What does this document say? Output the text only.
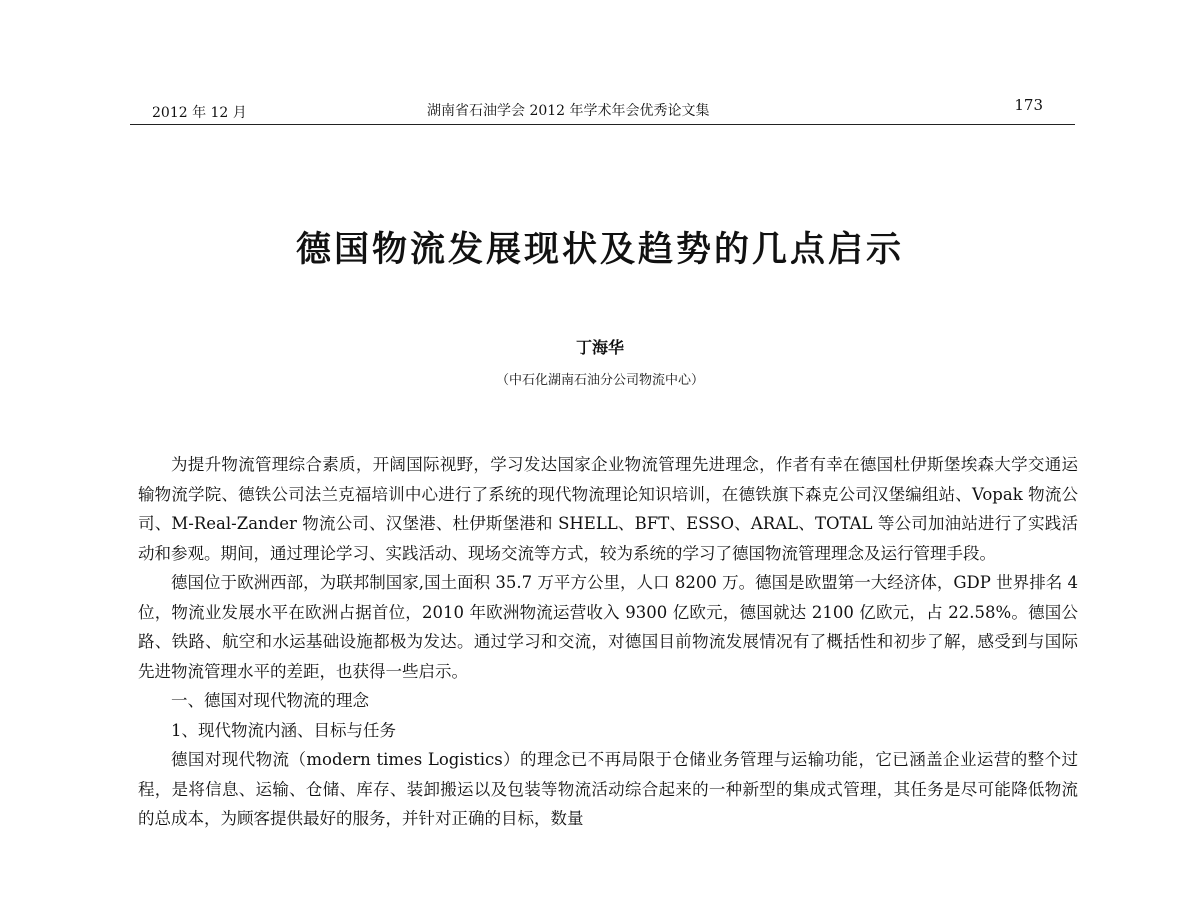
2012 年 12 月	湖南省石油学会 2012 年学术年会优秀论文集	173
德国物流发展现状及趋势的几点启示
丁海华
（中石化湖南石油分公司物流中心）

为提升物流管理综合素质，开阔国际视野，学习发达国家企业物流管理先进理念，作者有幸在德国杜伊斯堡埃森大学交通运输物流学院、德铁公司法兰克福培训中心进行了系统的现代物流理论知识培训，在德铁旗下森克公司汉堡编组站、Vopak 物流公司、M-Real-Zander 物流公司、汉堡港、杜伊斯堡港和 SHELL、BFT、ESSO、ARAL、TOTAL 等公司加油站进行了实践活动和参观。期间，通过理论学习、实践活动、现场交流等方式，较为系统的学习了德国物流管理理念及运行管理手段。

德国位于欧洲西部，为联邦制国家,国土面积 35.7 万平方公里，人口 8200 万。德国是欧盟第一大经济体，GDP 世界排名 4 位，物流业发展水平在欧洲占据首位，2010 年欧洲物流运营收入 9300 亿欧元，德国就达 2100 亿欧元，占 22.58%。德国公路、铁路、航空和水运基础设施都极为发达。通过学习和交流，对德国目前物流发展情况有了概括性和初步了解，感受到与国际先进物流管理水平的差距，也获得一些启示。

一、德国对现代物流的理念

1、现代物流内涵、目标与任务

德国对现代物流（modern times Logistics）的理念已不再局限于仓储业务管理与运输功能，它已涵盖企业运营的整个过程，是将信息、运输、仓储、库存、装卸搬运以及包装等物流活动综合起来的一种新型的集成式管理，其任务是尽可能降低物流的总成本，为顾客提供最好的服务，并针对正确的目标，数量
